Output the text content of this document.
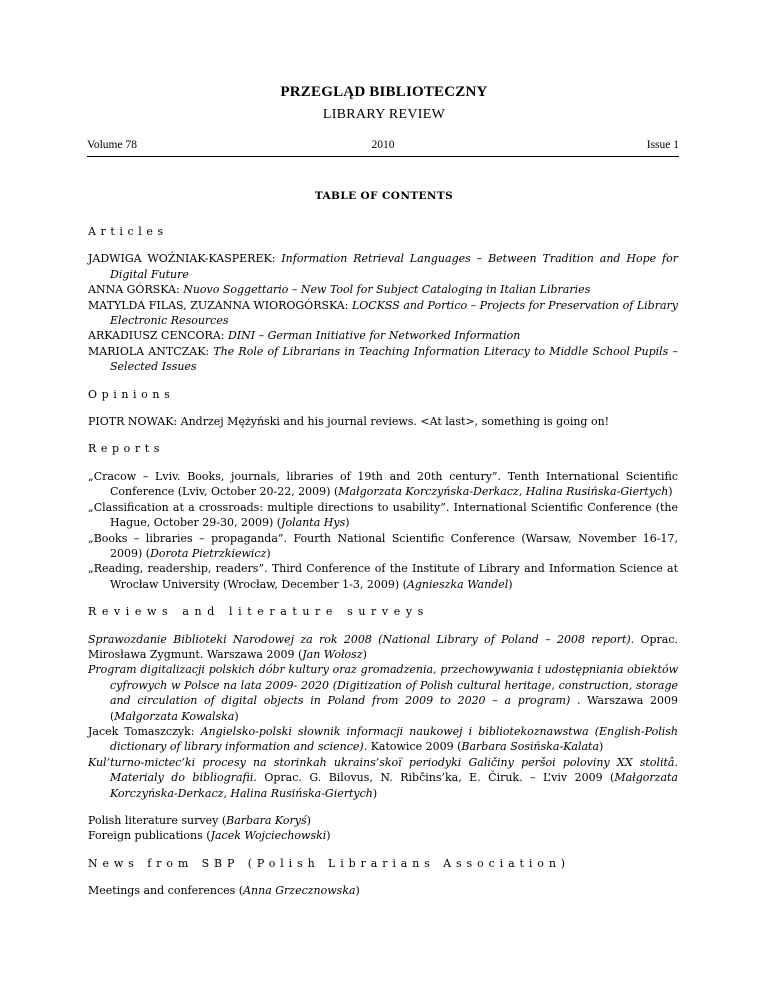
PRZEGLĄD BIBLIOTECZNY
LIBRARY REVIEW
2010
Volume 78	Issue 1
TABLE OF CONTENTS
Articles
JADWIGA WOŹNIAK-KASPEREK: Information Retrieval Languages – Between Tradition and Hope for Digital Future
ANNA GÓRSKA: Nuovo Soggettario – New Tool for Subject Cataloging in Italian Libraries
MATYLDA FILAS, ZUZANNA WIOROGÓRSKA: LOCKSS and Portico – Projects for Preservation of Library Electronic Resources
ARKADIUSZ CENCORA: DINI – German Initiative for Networked Information
MARIOLA ANTCZAK: The Role of Librarians in Teaching Information Literacy to Middle School Pupils – Selected Issues
Opinions
PIOTR NOWAK: Andrzej Mężyński and his journal reviews. <At last>, something is going on!
Reports
„Cracow – Lviv. Books, journals, libraries of 19th and 20th century”. Tenth International Scientific Conference (Lviv, October 20-22, 2009) (Małgorzata Korczyńska-Derkacz, Halina Rusińska-Giertych)
„Classification at a crossroads: multiple directions to usability”. International Scientific Conference (the Hague, October 29-30, 2009) (Jolanta Hys)
„Books – libraries – propaganda”. Fourth National Scientific Conference (Warsaw, November 16-17, 2009) (Dorota Pietrzkiewicz)
„Reading, readership, readers”. Third Conference of the Institute of Library and Information Science at Wrocław University (Wrocław, December 1-3, 2009) (Agnieszka Wandel)
Reviews and literature surveys
Sprawozdanie Biblioteki Narodowej za rok 2008 (National Library of Poland – 2008 report). Oprac. Mirosława Zygmunt. Warszawa 2009 (Jan Wołosz)
Program digitalizacji polskich dóbr kultury oraz gromadzenia, przechowywania i udostępniania obiektów cyfrowych w Polsce na lata 2009- 2020 (Digitization of Polish cultural heritage, construction, storage and circulation of digital objects in Poland from 2009 to 2020 – a program) . Warszawa 2009 (Małgorzata Kowalska)
Jacek Tomaszczyk: Angielsko-polski słownik informacji naukowej i bibliotekoznawstwa (English-Polish dictionary of library information and science). Katowice 2009 (Barbara Sosińska-Kalata)
Kul’turno-mictec’ki procesy na storinkah ukrains’skoï periodyki Galičiny peršoi poloviny XX stolitâ. Materialy do bibliografii. Oprac. G. Bilovus, N. Ribčins’ka, E. Čiruk. – L’viv 2009 (Małgorzata Korczyńska-Derkacz, Halina Rusińska-Giertych)
Polish literature survey (Barbara Koryś)
Foreign publications (Jacek Wojciechowski)
News from SBP (Polish Librarians Association)
Meetings and conferences (Anna Grzecznowska)
